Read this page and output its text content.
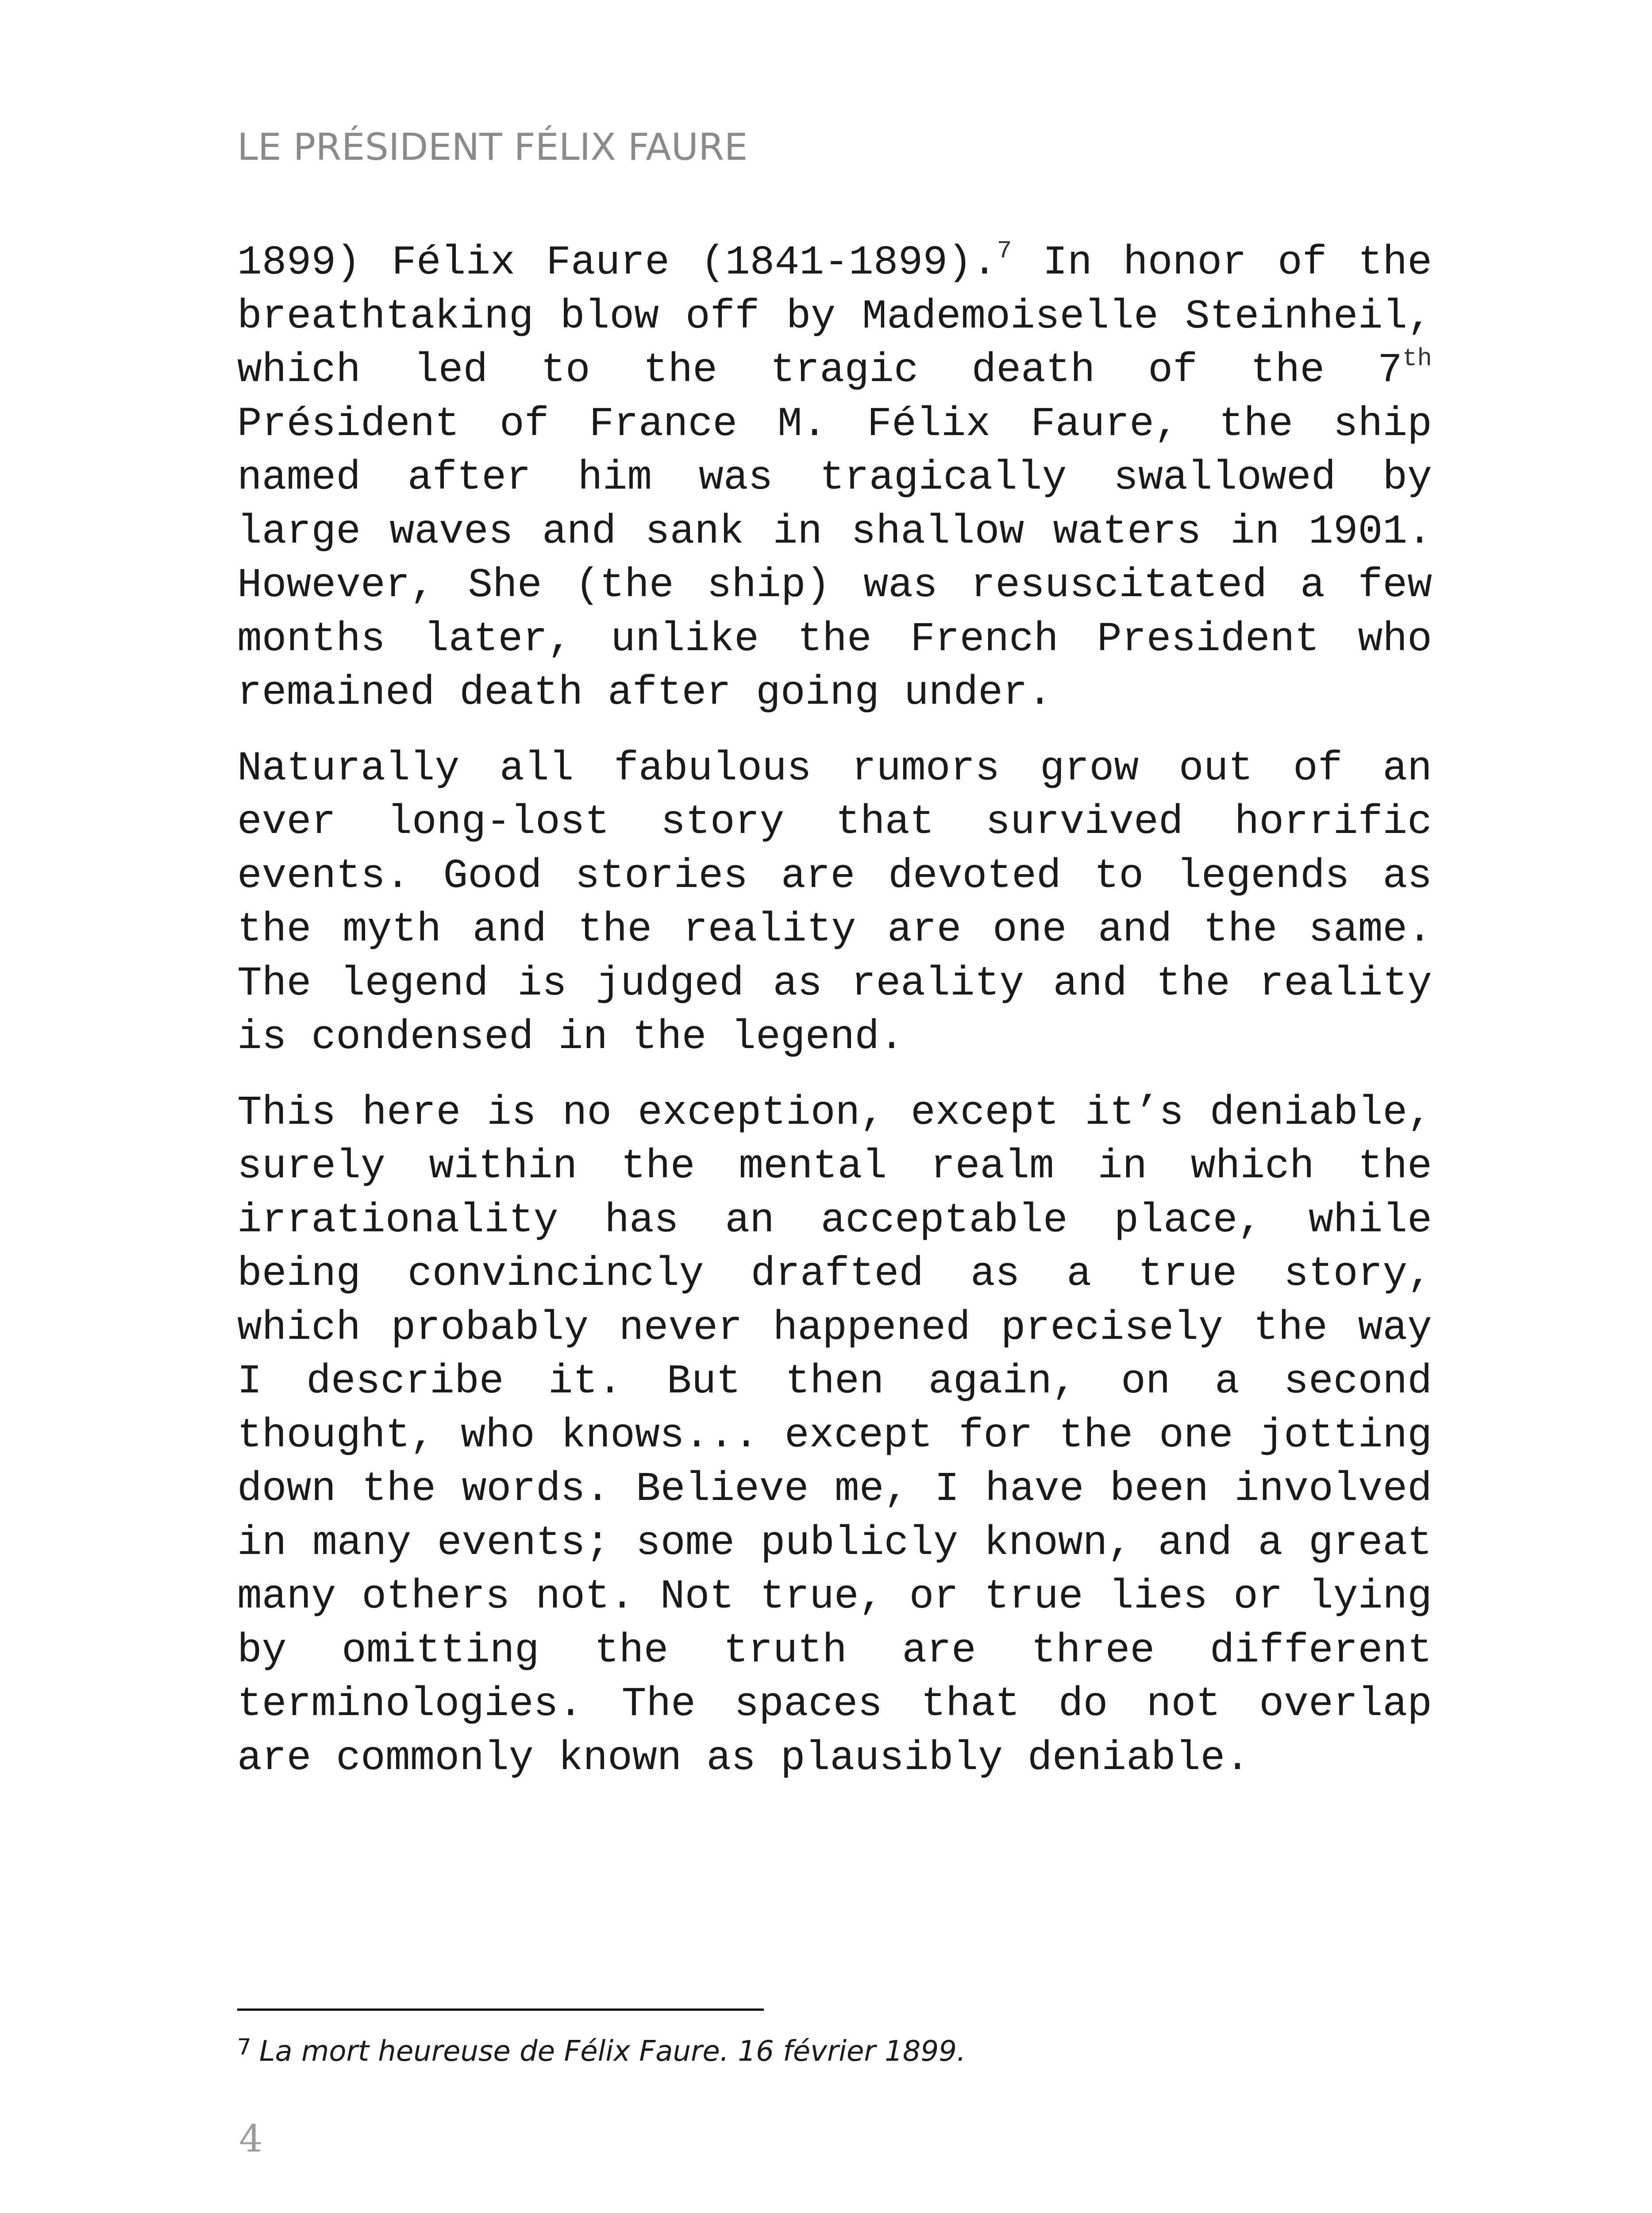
LE PRÉSIDENT FÉLIX FAURE

1899) Félix Faure (1841-1899).$^7$ In honor of the breathtaking blow off by Mademoiselle Steinheil, which led to the tragic death of the 7th Président of France M. Félix Faure, the ship named after him was tragically swallowed by large waves and sank in shallow waters in 1901. However, She (the ship) was resuscitated a few months later, unlike the French President who remained death after going under.

Naturally all fabulous rumors grow out of an ever long-lost story that survived horrific events. Good stories are devoted to legends as the myth and the reality are one and the same. The legend is judged as reality and the reality is condensed in the legend.

This here is no exception, except it’s deniable, surely within the mental realm in which the irrationality has an acceptable place, while being convincincly drafted as a true story, which probably never happened precisely the way I describe it. But then again, on a second thought, who knows... except for the one jotting down the words. Believe me, I have been involved in many events; some publicly known, and a great many others not. Not true, or true lies or lying by omitting the truth are three different terminologies. The spaces that do not overlap are commonly known as plausibly deniable.

$^7$ La mort heureuse de Félix Faure. 16 février 1899.
4
